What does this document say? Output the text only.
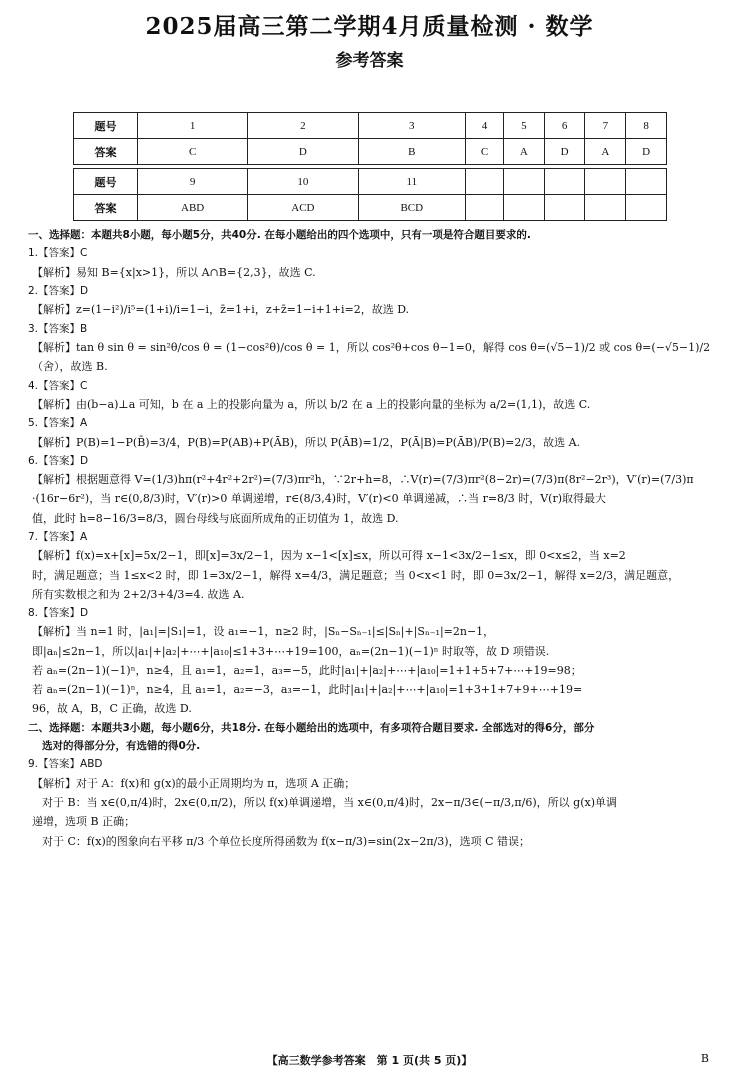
2025届高三第二学期4月质量检测 · 数学
参考答案
题号	1	2	3	4	5	6	7	8
答案	C	D	B	C	A	D	A	D

题号	9	10	11					
答案	ABD	ACD	BCD					

一、选择题：本题共8小题，每小题5分，共40分. 在每小题给出的四个选项中，只有一项是符合题目要求的.

1.【答案】C

【解析】易知 B={x|x>1}，所以 A∩B={2,3}，故选 C.

2.【答案】D

【解析】z=(1−i²)/i⁵=(1+i)/i=1−i，z̄=1+i，z+z̄=1−i+1+i=2，故选 D.

3.【答案】B

【解析】tan θ sin θ = sin²θ/cos θ = (1−cos²θ)/cos θ = 1，所以 cos²θ+cos θ−1=0，解得 cos θ=(√5−1)/2 或 cos θ=(−√5−1)/2（舍），故选 B.

4.【答案】C

【解析】由(b−a)⊥a 可知，b 在 a 上的投影向量为 a，所以 b/2 在 a 上的投影向量的坐标为 a/2=(1,1)，故选 C.

5.【答案】A

【解析】P(B)=1−P(B̄)=3/4，P(B)=P(AB)+P(ĀB)，所以 P(ĀB)=1/2，P(Ā|B)=P(ĀB)/P(B)=2/3，故选 A.

6.【答案】D

【解析】根据题意得 V=(1/3)hπ(r²+4r²+2r²)=(7/3)πr²h，∵2r+h=8，∴V(r)=(7/3)πr²(8−2r)=(7/3)π(8r²−2r³)，V′(r)=(7/3)π

·(16r−6r²)，当 r∈(0,8/3)时，V′(r)>0 单调递增，r∈(8/3,4)时，V′(r)<0 单调递减，∴当 r=8/3 时，V(r)取得最大

值，此时 h=8−16/3=8/3，圆台母线与底面所成角的正切值为 1，故选 D.

7.【答案】A

【解析】f(x)=x+[x]=5x/2−1，即[x]=3x/2−1，因为 x−1<[x]≤x，所以可得 x−1<3x/2−1≤x，即 0<x≤2，当 x=2

时，满足题意；当 1≤x<2 时，即 1=3x/2−1，解得 x=4/3，满足题意；当 0<x<1 时，即 0=3x/2−1，解得 x=2/3，满足题意，

所有实数根之和为 2+2/3+4/3=4. 故选 A.

8.【答案】D

【解析】当 n=1 时，|a₁|=|S₁|=1，设 a₁=−1，n≥2 时，|Sₙ−Sₙ₋₁|≤|Sₙ|+|Sₙ₋₁|=2n−1，

即|aₙ|≤2n−1，所以|a₁|+|a₂|+⋯+|a₁₀|≤1+3+⋯+19=100，aₙ=(2n−1)(−1)ⁿ 时取等，故 D 项错误.

若 aₙ=(2n−1)(−1)ⁿ，n≥4，且 a₁=1，a₂=1，a₃=−5，此时|a₁|+|a₂|+⋯+|a₁₀|=1+1+5+7+⋯+19=98；

若 aₙ=(2n−1)(−1)ⁿ，n≥4，且 a₁=1，a₂=−3，a₃=−1，此时|a₁|+|a₂|+⋯+|a₁₀|=1+3+1+7+9+⋯+19=

96，故 A，B，C 正确，故选 D.

二、选择题：本题共3小题，每小题6分，共18分. 在每小题给出的选项中，有多项符合题目要求. 全部选对的得6分，部分

选对的得部分分，有选错的得0分.

9.【答案】ABD

【解析】对于 A：f(x)和 g(x)的最小正周期均为 π，选项 A 正确；

对于 B：当 x∈(0,π/4)时，2x∈(0,π/2)，所以 f(x)单调递增，当 x∈(0,π/4)时，2x−π/3∈(−π/3,π/6)，所以 g(x)单调

递增，选项 B 正确；

对于 C：f(x)的图象向右平移 π/3 个单位长度所得函数为 f(x−π/3)=sin(2x−2π/3)，选项 C 错误；

【高三数学参考答案　第 1 页(共 5 页)】	B
